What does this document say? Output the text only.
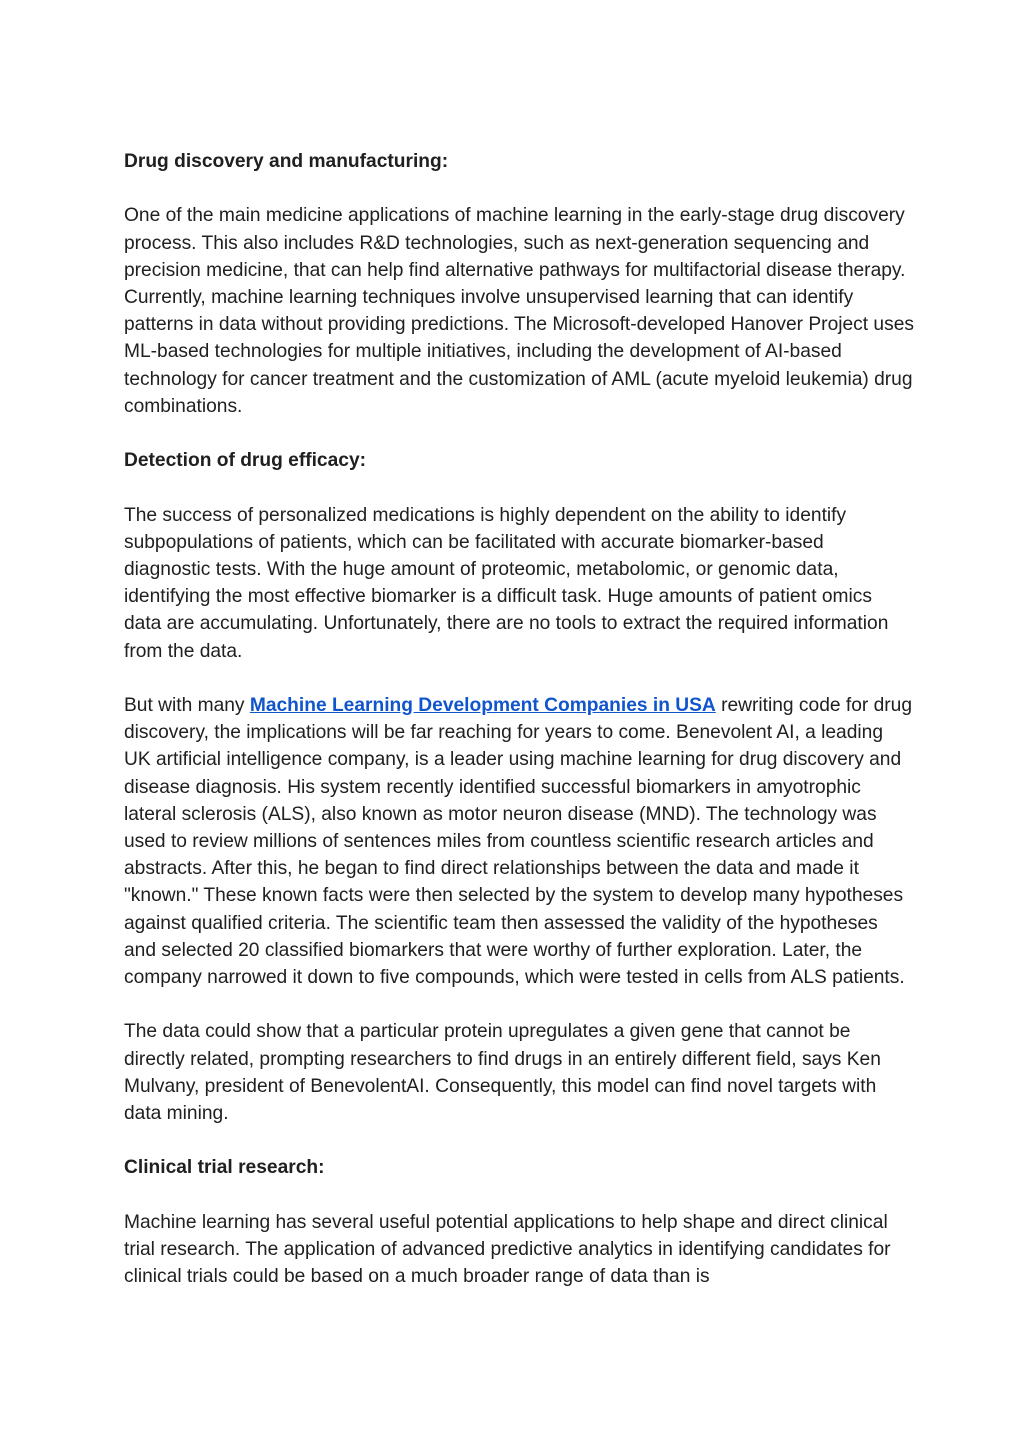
Drug discovery and manufacturing:
One of the main medicine applications of machine learning in the early-stage drug discovery process. This also includes R&D technologies, such as next-generation sequencing and precision medicine, that can help find alternative pathways for multifactorial disease therapy. Currently, machine learning techniques involve unsupervised learning that can identify patterns in data without providing predictions. The Microsoft-developed Hanover Project uses ML-based technologies for multiple initiatives, including the development of AI-based technology for cancer treatment and the customization of AML (acute myeloid leukemia) drug combinations.
Detection of drug efficacy:
The success of personalized medications is highly dependent on the ability to identify subpopulations of patients, which can be facilitated with accurate biomarker-based diagnostic tests. With the huge amount of proteomic, metabolomic, or genomic data, identifying the most effective biomarker is a difficult task. Huge amounts of patient omics data are accumulating. Unfortunately, there are no tools to extract the required information from the data.
But with many Machine Learning Development Companies in USA rewriting code for drug discovery, the implications will be far reaching for years to come. Benevolent AI, a leading UK artificial intelligence company, is a leader using machine learning for drug discovery and disease diagnosis. His system recently identified successful biomarkers in amyotrophic lateral sclerosis (ALS), also known as motor neuron disease (MND). The technology was used to review millions of sentences miles from countless scientific research articles and abstracts. After this, he began to find direct relationships between the data and made it "known." These known facts were then selected by the system to develop many hypotheses against qualified criteria. The scientific team then assessed the validity of the hypotheses and selected 20 classified biomarkers that were worthy of further exploration. Later, the company narrowed it down to five compounds, which were tested in cells from ALS patients.
The data could show that a particular protein upregulates a given gene that cannot be directly related, prompting researchers to find drugs in an entirely different field, says Ken Mulvany, president of BenevolentAI. Consequently, this model can find novel targets with data mining.
Clinical trial research:
Machine learning has several useful potential applications to help shape and direct clinical trial research. The application of advanced predictive analytics in identifying candidates for clinical trials could be based on a much broader range of data than is
